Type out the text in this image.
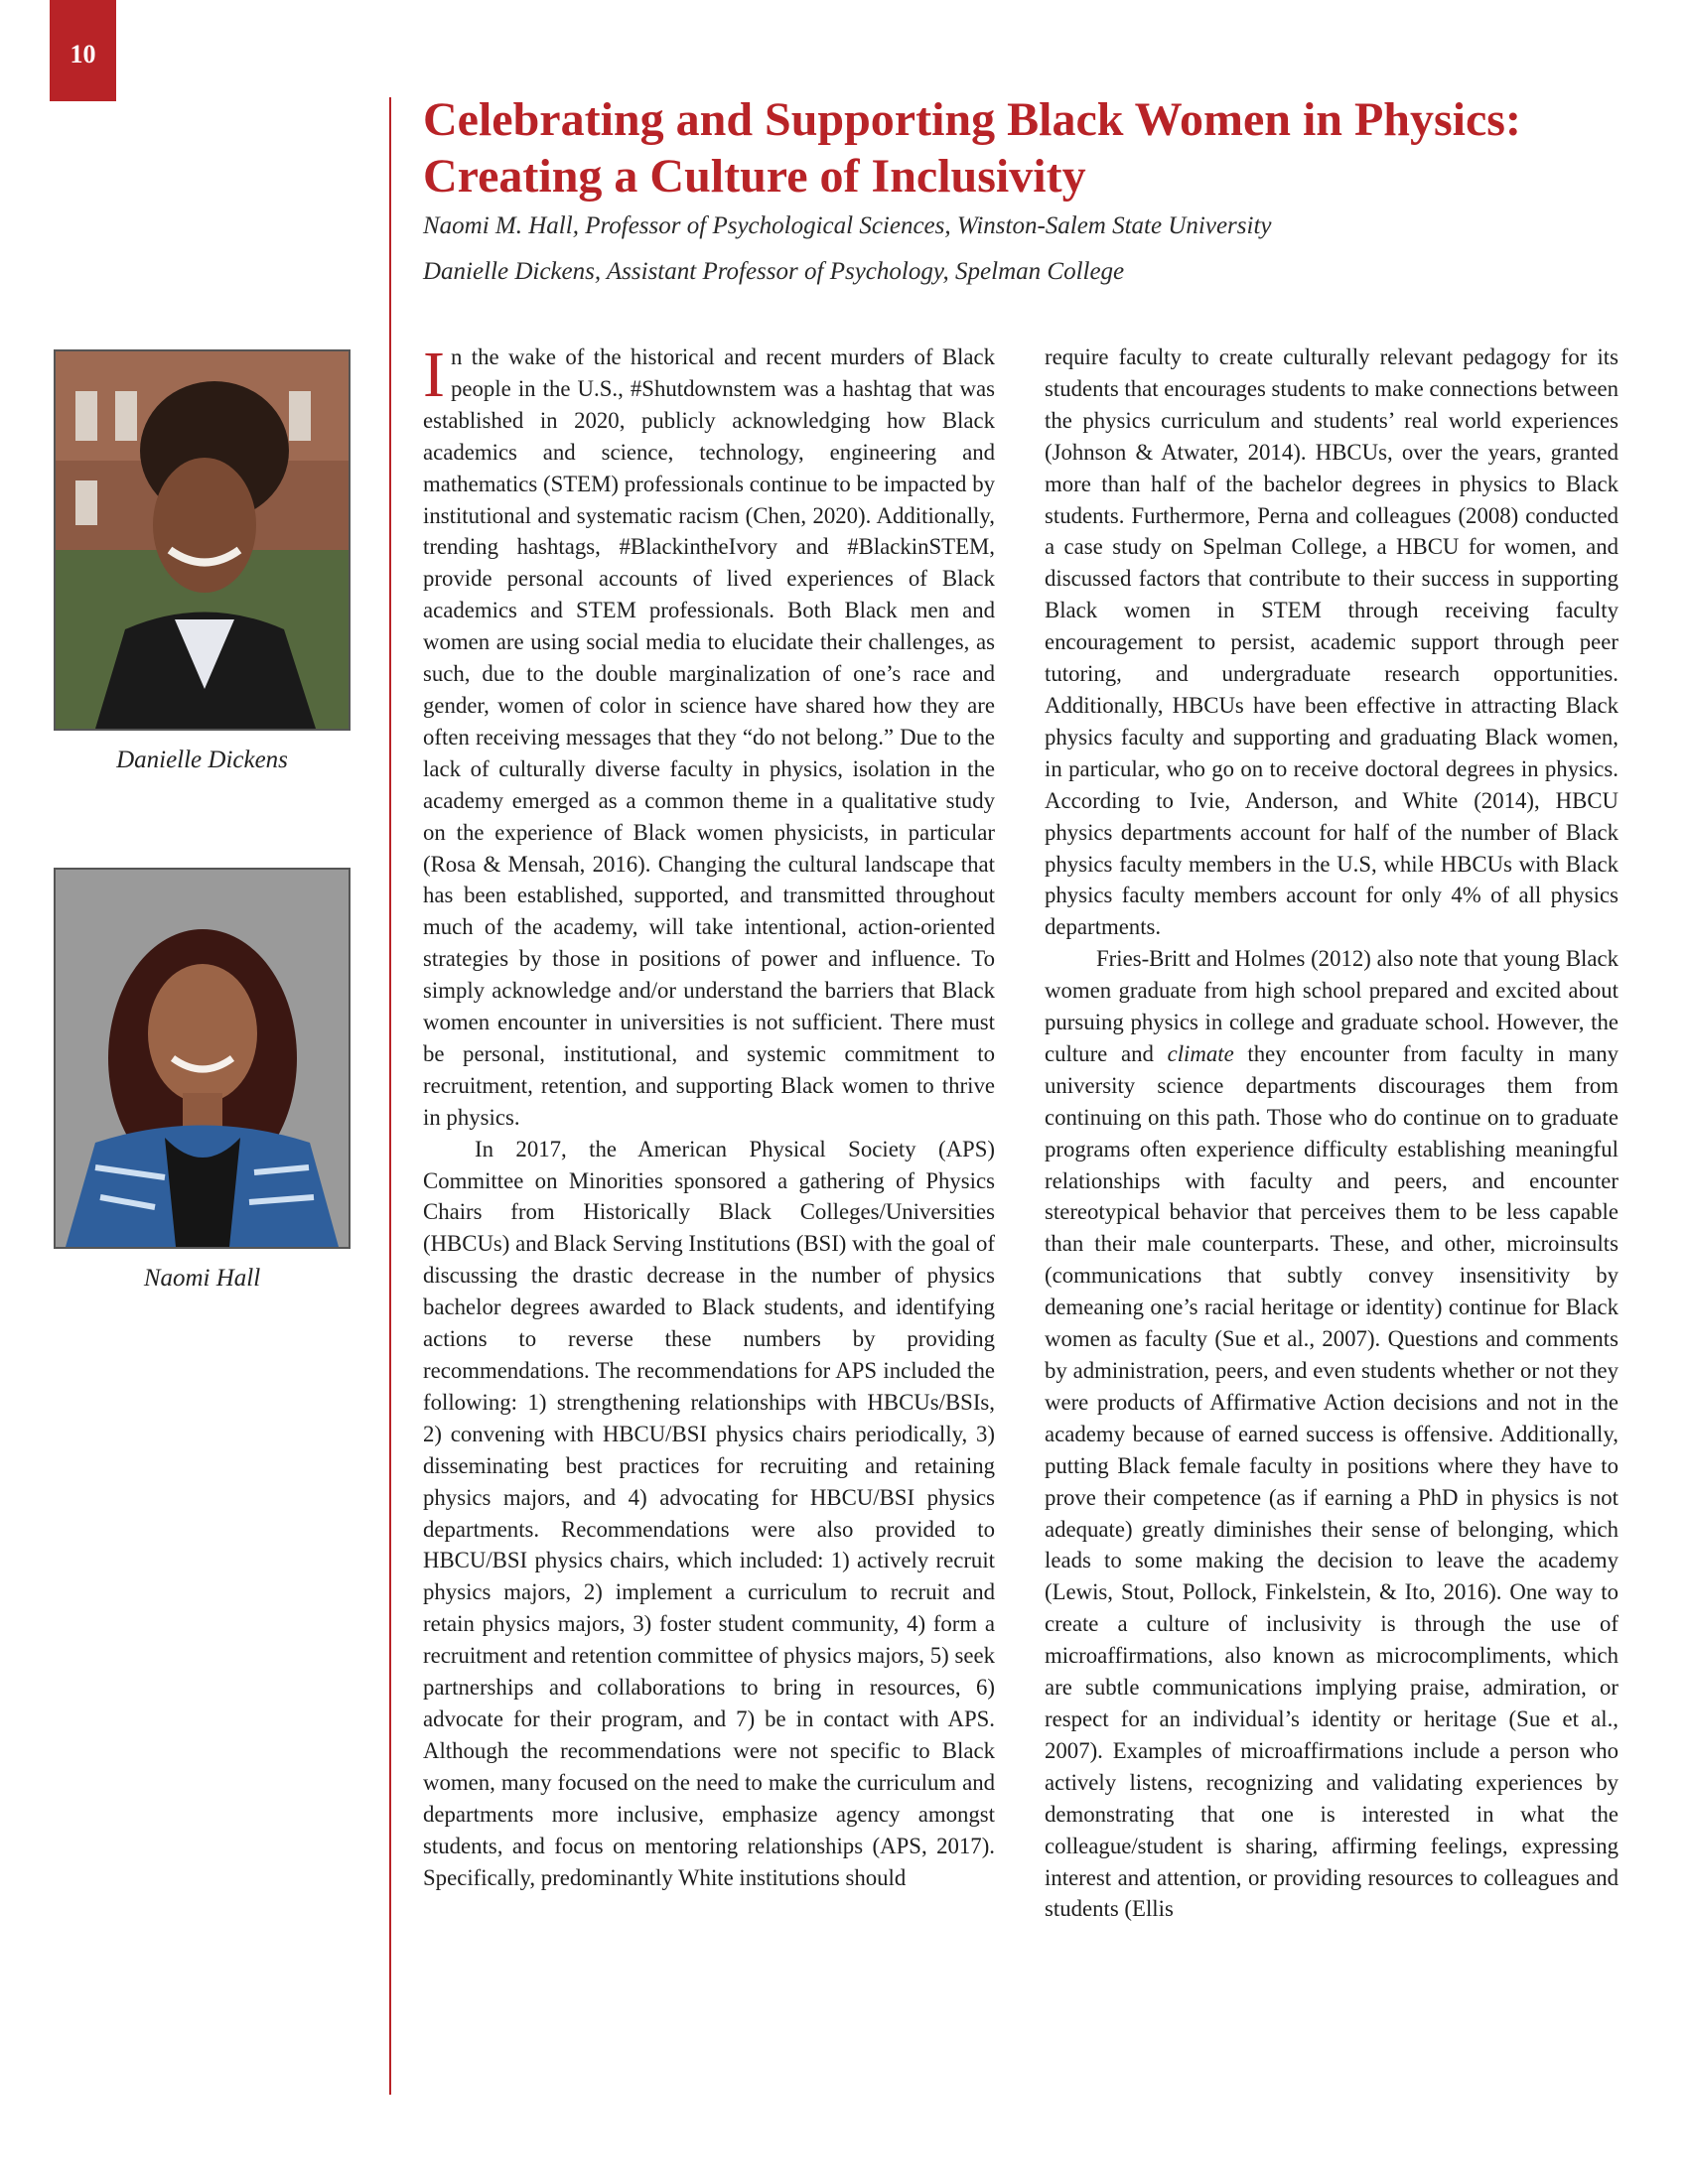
10
Celebrating and Supporting Black Women in Physics: Creating a Culture of Inclusivity

Naomi M. Hall, Professor of Psychological Sciences, Winston-Salem State University

Danielle Dickens, Assistant Professor of Psychology, Spelman College

Danielle Dickens

Naomi Hall

In the wake of the historical and recent murders of Black people in the U.S., #Shutdownstem was a hashtag that was established in 2020, publicly acknowledging how Black academics and science, technology, engineering and mathematics (STEM) professionals continue to be impacted by institutional and systematic racism (Chen, 2020). Additionally, trending hashtags, #BlackintheIvory and #BlackinSTEM, provide personal accounts of lived experiences of Black academics and STEM professionals. Both Black men and women are using social media to elucidate their challenges, as such, due to the double marginalization of one’s race and gender, women of color in science have shared how they are often receiving messages that they “do not belong.” Due to the lack of culturally diverse faculty in physics, isolation in the academy emerged as a common theme in a qualitative study on the experience of Black women physicists, in particular (Rosa & Mensah, 2016). Changing the cultural landscape that has been established, supported, and transmitted throughout much of the academy, will take intentional, action-oriented strategies by those in positions of power and influence. To simply acknowledge and/or understand the barriers that Black women encounter in universities is not sufficient. There must be personal, institutional, and systemic commitment to recruitment, retention, and supporting Black women to thrive in physics.

In 2017, the American Physical Society (APS) Committee on Minorities sponsored a gathering of Physics Chairs from Historically Black Colleges/Universities (HBCUs) and Black Serving Institutions (BSI) with the goal of discussing the drastic decrease in the number of physics bachelor degrees awarded to Black students, and identifying actions to reverse these numbers by providing recommendations. The recommendations for APS included the following: 1) strengthening relationships with HBCUs/BSIs, 2) convening with HBCU/BSI physics chairs periodically, 3) disseminating best practices for recruiting and retaining physics majors, and 4) advocating for HBCU/BSI physics departments. Recommendations were also provided to HBCU/BSI physics chairs, which included: 1) actively recruit physics majors, 2) implement a curriculum to recruit and retain physics majors, 3) foster student community, 4) form a recruitment and retention committee of physics majors, 5) seek partnerships and collaborations to bring in resources, 6) advocate for their program, and 7) be in contact with APS. Although the recommendations were not specific to Black women, many focused on the need to make the curriculum and departments more inclusive, emphasize agency amongst students, and focus on mentoring relationships (APS, 2017). Specifically, predominantly White institutions should

require faculty to create culturally relevant pedagogy for its students that encourages students to make connections between the physics curriculum and students’ real world experiences (Johnson & Atwater, 2014). HBCUs, over the years, granted more than half of the bachelor degrees in physics to Black students. Furthermore, Perna and colleagues (2008) conducted a case study on Spelman College, a HBCU for women, and discussed factors that contribute to their success in supporting Black women in STEM through receiving faculty encouragement to persist, academic support through peer tutoring, and undergraduate research opportunities. Additionally, HBCUs have been effective in attracting Black physics faculty and supporting and graduating Black women, in particular, who go on to receive doctoral degrees in physics. According to Ivie, Anderson, and White (2014), HBCU physics departments account for half of the number of Black physics faculty members in the U.S, while HBCUs with Black physics faculty members account for only 4% of all physics departments.

Fries-Britt and Holmes (2012) also note that young Black women graduate from high school prepared and excited about pursuing physics in college and graduate school. However, the culture and climate they encounter from faculty in many university science departments discourages them from continuing on this path. Those who do continue on to graduate programs often experience difficulty establishing meaningful relationships with faculty and peers, and encounter stereotypical behavior that perceives them to be less capable than their male counterparts. These, and other, microinsults (communications that subtly convey insensitivity by demeaning one’s racial heritage or identity) continue for Black women as faculty (Sue et al., 2007). Questions and comments by administration, peers, and even students whether or not they were products of Affirmative Action decisions and not in the academy because of earned success is offensive. Additionally, putting Black female faculty in positions where they have to prove their competence (as if earning a PhD in physics is not adequate) greatly diminishes their sense of belonging, which leads to some making the decision to leave the academy (Lewis, Stout, Pollock, Finkelstein, & Ito, 2016). One way to create a culture of inclusivity is through the use of microaffirmations, also known as microcompliments, which are subtle communications implying praise, admiration, or respect for an individual’s identity or heritage (Sue et al., 2007). Examples of microaffirmations include a person who actively listens, recognizing and validating experiences by demonstrating that one is interested in what the colleague/student is sharing, affirming feelings, expressing interest and attention, or providing resources to colleagues and students (Ellis
